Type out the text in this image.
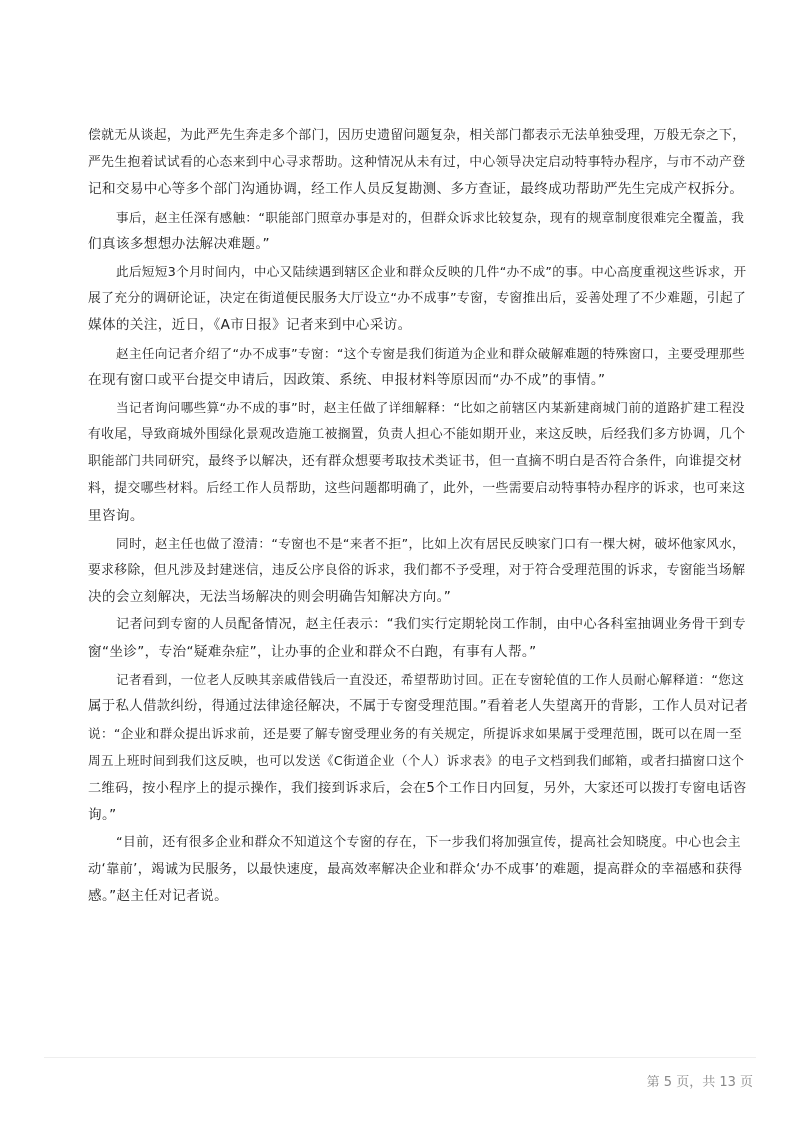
偿就无从谈起，为此严先生奔走多个部门，因历史遗留问题复杂，相关部门都表示无法单独受理，万般无奈之下，
严先生抱着试试看的心态来到中心寻求帮助。这种情况从未有过，中心领导决定启动特事特办程序，与市不动产登
记和交易中心等多个部门沟通协调，经工作人员反复勘测、多方查证，最终成功帮助严先生完成产权拆分。
事后，赵主任深有感触：“职能部门照章办事是对的，但群众诉求比较复杂，现有的规章制度很难完全覆盖，我
们真该多想想办法解决难题。”
此后短短3个月时间内，中心又陆续遇到辖区企业和群众反映的几件“办不成”的事。中心高度重视这些诉求，开
展了充分的调研论证，决定在街道便民服务大厅设立“办不成事”专窗，专窗推出后，妥善处理了不少难题，引起了
媒体的关注，近日，《A市日报》记者来到中心采访。
赵主任向记者介绍了“办不成事”专窗：“这个专窗是我们街道为企业和群众破解难题的特殊窗口，主要受理那些
在现有窗口或平台提交申请后，因政策、系统、申报材料等原因而“办不成”的事情。”
当记者询问哪些算“办不成的事”时，赵主任做了详细解释：“比如之前辖区内某新建商城门前的道路扩建工程没
有收尾，导致商城外围绿化景观改造施工被搁置，负责人担心不能如期开业，来这反映，后经我们多方协调，几个
职能部门共同研究，最终予以解决，还有群众想要考取技术类证书，但一直摘不明白是否符合条件，向谁提交材
料，提交哪些材料。后经工作人员帮助，这些问题都明确了，此外，一些需要启动特事特办程序的诉求，也可来这
里咨询。
同时，赵主任也做了澄清：“专窗也不是“来者不拒”，比如上次有居民反映家门口有一棵大树，破坏他家风水，
要求移除，但凡涉及封建迷信，违反公序良俗的诉求，我们都不予受理，对于符合受理范围的诉求，专窗能当场解
决的会立刻解决，无法当场解决的则会明确告知解决方向。”
记者问到专窗的人员配备情况，赵主任表示：“我们实行定期轮岗工作制，由中心各科室抽调业务骨干到专
窗“坐诊”，专治“疑难杂症”，让办事的企业和群众不白跑，有事有人帮。”
记者看到，一位老人反映其亲戚借钱后一直没还，希望帮助讨回。正在专窗轮值的工作人员耐心解释道：“您这
属于私人借款纠纷，得通过法律途径解决，不属于专窗受理范围。”看着老人失望离开的背影，工作人员对记者
说：“企业和群众提出诉求前，还是要了解专窗受理业务的有关规定，所提诉求如果属于受理范围，既可以在周一至
周五上班时间到我们这反映，也可以发送《C街道企业（个人）诉求表》的电子文档到我们邮箱，或者扫描窗口这个
二维码，按小程序上的提示操作，我们接到诉求后，会在5个工作日内回复，另外，大家还可以拨打专窗电话咨
询。”
“目前，还有很多企业和群众不知道这个专窗的存在，下一步我们将加强宣传，提高社会知晓度。中心也会主
动‘靠前’，竭诚为民服务，以最快速度，最高效率解决企业和群众‘办不成事’的难题，提高群众的幸福感和获得
感。”赵主任对记者说。
第 5 页，共 13 页
